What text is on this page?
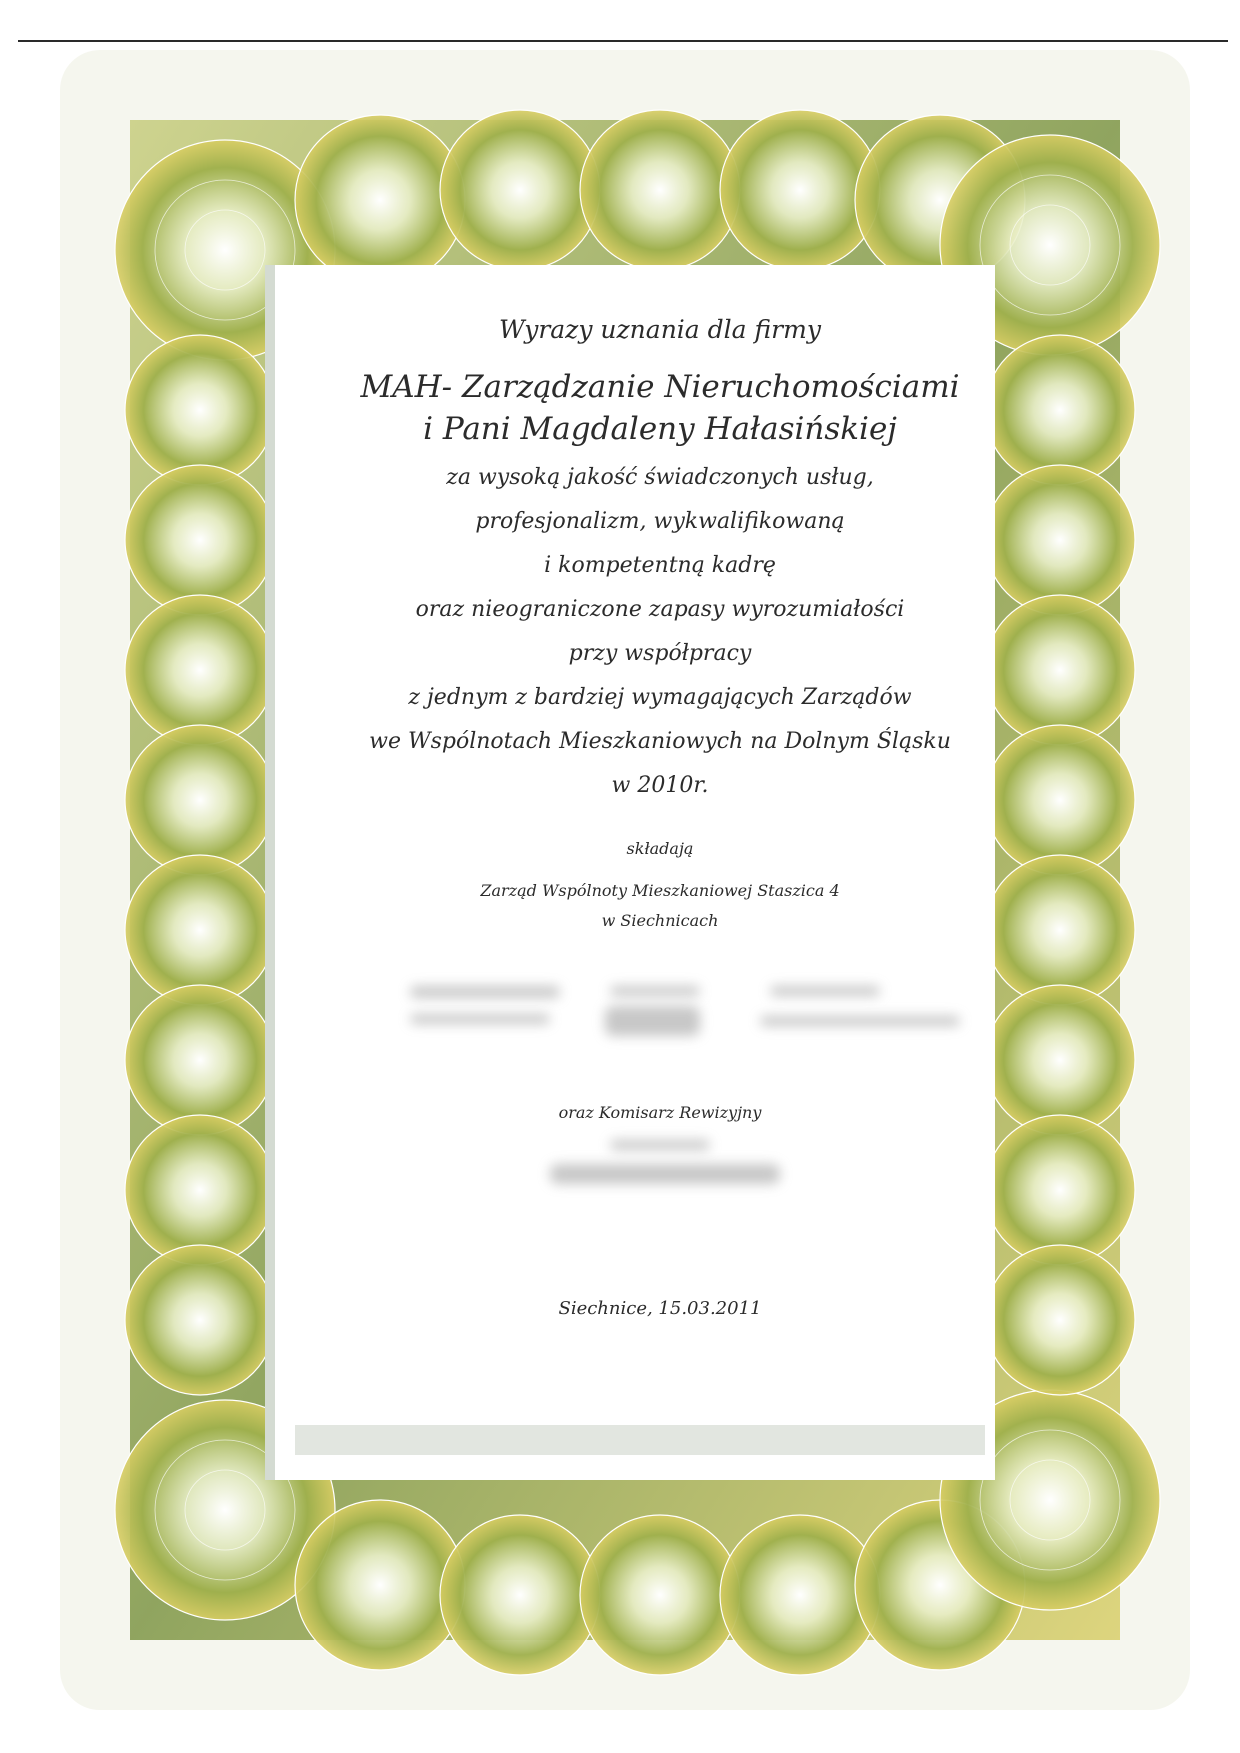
Wyrazy uznania dla firmy

MAH- Zarządzanie Nieruchomościami

i Pani Magdaleny Hałasińskiej

za wysoką jakość świadczonych usług,

profesjonalizm, wykwalifikowaną

i kompetentną kadrę

oraz nieograniczone zapasy wyrozumiałości

przy współpracy

z jednym z bardziej wymagających Zarządów

we Wspólnotach Mieszkaniowych na Dolnym Śląsku

w 2010r.

składają

Zarząd Wspólnoty Mieszkaniowej Staszica 4

w Siechnicach

oraz Komisarz Rewizyjny

Siechnice, 15.03.2011
